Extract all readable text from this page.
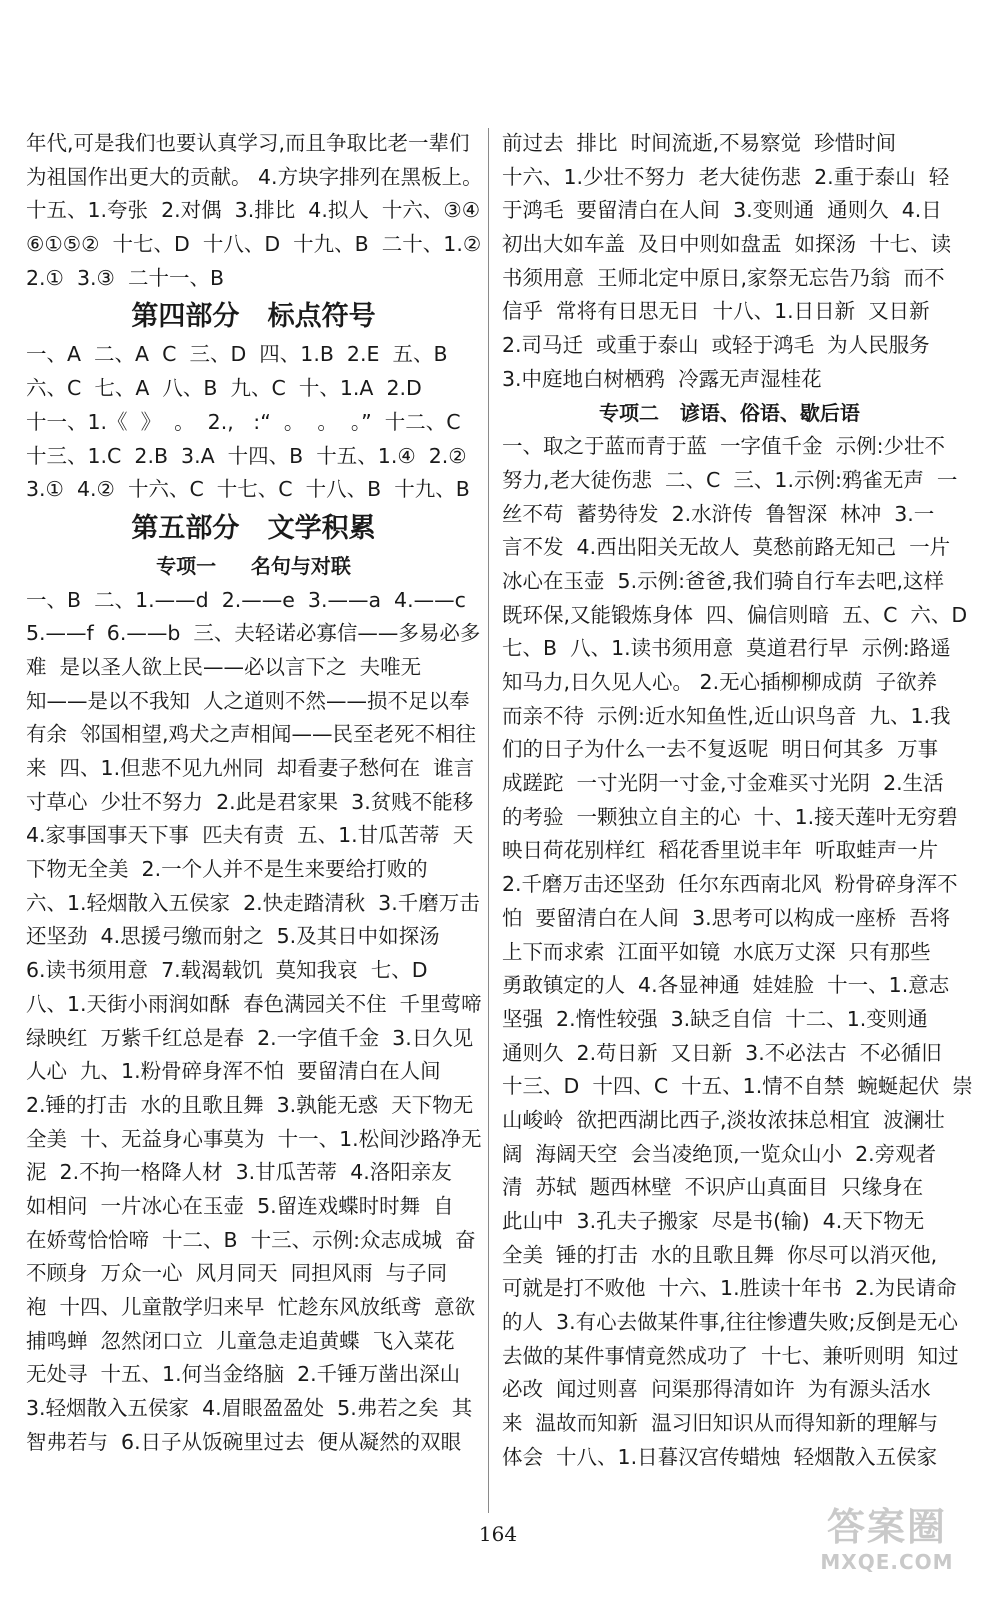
年代,可是我们也要认真学习,而且争取比老一辈们
为祖国作出更大的贡献。 4.方块字排列在黑板上。
十五、1.夸张  2.对偶  3.排比  4.拟人  十六、③④
⑥①⑤②  十七、D  十八、D  十九、B  二十、1.②
2.①  3.③  二十一、B
第四部分   标点符号
一、A  二、A  C  三、D  四、1.B  2.E  五、B
六、C  七、A  八、B  九、C  十、1.A  2.D
十一、1.《  》  。  2.,   :“  。  。  。”  十二、C
十三、1.C  2.B  3.A  十四、B  十五、1.④  2.②
3.①  4.②  十六、C  十七、C  十八、B  十九、B
第五部分   文学积累
专项一     名句与对联
一、B  二、1.——d  2.——e  3.——a  4.——c
5.——f  6.——b  三、夫轻诺必寡信——多易必多
难  是以圣人欲上民——必以言下之  夫唯无
知——是以不我知  人之道则不然——损不足以奉
有余  邻国相望,鸡犬之声相闻——民至老死不相往
来  四、1.但悲不见九州同  却看妻子愁何在  谁言
寸草心  少壮不努力  2.此是君家果  3.贫贱不能移
4.家事国事天下事  匹夫有责  五、1.甘瓜苦蒂  天
下物无全美  2.一个人并不是生来要给打败的
六、1.轻烟散入五侯家  2.快走踏清秋  3.千磨万击
还坚劲  4.思援弓缴而射之  5.及其日中如探汤
6.读书须用意  7.载渴载饥  莫知我哀  七、D
八、1.天街小雨润如酥  春色满园关不住  千里莺啼
绿映红  万紫千红总是春  2.一字值千金  3.日久见
人心  九、1.粉骨碎身浑不怕  要留清白在人间
2.锤的打击  水的且歌且舞  3.孰能无惑  天下物无
全美  十、无益身心事莫为  十一、1.松间沙路净无
泥  2.不拘一格降人材  3.甘瓜苦蒂  4.洛阳亲友
如相问  一片冰心在玉壶  5.留连戏蝶时时舞  自
在娇莺恰恰啼  十二、B  十三、示例:众志成城  奋
不顾身  万众一心  风月同天  同担风雨  与子同
袍  十四、儿童散学归来早  忙趁东风放纸鸢  意欲
捕鸣蝉  忽然闭口立  儿童急走追黄蝶  飞入菜花
无处寻  十五、1.何当金络脑  2.千锤万凿出深山
3.轻烟散入五侯家  4.眉眼盈盈处  5.弗若之矣  其
智弗若与  6.日子从饭碗里过去  便从凝然的双眼
前过去  排比  时间流逝,不易察觉  珍惜时间
十六、1.少壮不努力  老大徒伤悲  2.重于泰山  轻
于鸿毛  要留清白在人间  3.变则通  通则久  4.日
初出大如车盖  及日中则如盘盂  如探汤  十七、读
书须用意  王师北定中原日,家祭无忘告乃翁  而不
信乎  常将有日思无日  十八、1.日日新  又日新
2.司马迁  或重于泰山  或轻于鸿毛  为人民服务
3.中庭地白树栖鸦  冷露无声湿桂花
专项二   谚语、俗语、歇后语
一、取之于蓝而青于蓝  一字值千金  示例:少壮不
努力,老大徒伤悲  二、C  三、1.示例:鸦雀无声  一
丝不苟  蓄势待发  2.水浒传  鲁智深  林冲  3.一
言不发  4.西出阳关无故人  莫愁前路无知己  一片
冰心在玉壶  5.示例:爸爸,我们骑自行车去吧,这样
既环保,又能锻炼身体  四、偏信则暗  五、C  六、D
七、B  八、1.读书须用意  莫道君行早  示例:路遥
知马力,日久见人心。 2.无心插柳柳成荫  子欲养
而亲不待  示例:近水知鱼性,近山识鸟音  九、1.我
们的日子为什么一去不复返呢  明日何其多  万事
成蹉跎  一寸光阴一寸金,寸金难买寸光阴  2.生活
的考验  一颗独立自主的心  十、1.接天莲叶无穷碧
映日荷花别样红  稻花香里说丰年  听取蛙声一片
2.千磨万击还坚劲  任尔东西南北风  粉骨碎身浑不
怕  要留清白在人间  3.思考可以构成一座桥  吾将
上下而求索  江面平如镜  水底万丈深  只有那些
勇敢镇定的人  4.各显神通  娃娃脸  十一、1.意志
坚强  2.惰性较强  3.缺乏自信  十二、1.变则通
通则久  2.苟日新  又日新  3.不必法古  不必循旧
十三、D  十四、C  十五、1.情不自禁  蜿蜒起伏  崇
山峻岭  欲把西湖比西子,淡妆浓抹总相宜  波澜壮
阔  海阔天空  会当凌绝顶,一览众山小  2.旁观者
清  苏轼  题西林壁  不识庐山真面目  只缘身在
此山中  3.孔夫子搬家  尽是书(输)  4.天下物无
全美  锤的打击  水的且歌且舞  你尽可以消灭他,
可就是打不败他  十六、1.胜读十年书  2.为民请命
的人  3.有心去做某件事,往往惨遭失败;反倒是无心
去做的某件事情竟然成功了  十七、兼听则明  知过
必改  闻过则喜  问渠那得清如许  为有源头活水
来  温故而知新  温习旧知识从而得知新的理解与
体会  十八、1.日暮汉宫传蜡烛  轻烟散入五侯家
164	答案圈
MXQE.COM
